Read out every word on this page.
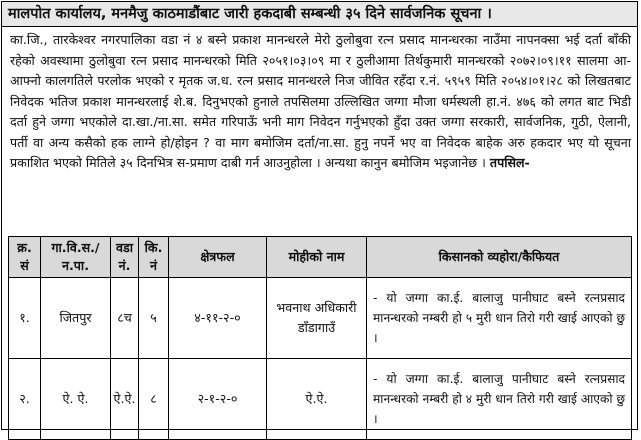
मालपोत कार्यालय, मनमैजु काठमाडौंबाट जारी हकदाबी सम्बन्धी ३५ दिने सार्वजनिक सूचना ।
का.जि., तारकेश्वर नगरपालिका वडा नं ४ बस्ने प्रकाश मानन्धरले मेरो ठुलोबुवा रत्न प्रसाद मानन्धरका नाउँमा नापनक्सा भई दर्ता बाँकी रहेको अवस्थामा ठुलोबुवा रत्न प्रसाद मानन्धरको मिति २०५१।०३।०९ मा र ठुलीआमा तिर्थकुमारी मानन्धरको २०७२।०९।११ सालमा आ-आफ्नो कालगतिले परलोक भएको र मृतक ज.ध. रत्न प्रसाद मानन्धरले निज जीवित रहँदा र.नं. ५९५९ मिति २०५४।०१।२८ को लिखतबाट निवेदक भतिज प्रकाश मानन्धरलाई शे.ब. दिनुभएको हुनाले तपसिलमा उल्लिखित जग्गा मौजा धर्मस्थली हा.नं. ४७६ को लगत बाट भिडी दर्ता हुने जग्गा भएकोले दा.खा./ना.सा. समेत गरिपाऊँ भनी माग निवेदन गर्नुभएको हुँदा उक्त जग्गा सरकारी, सार्वजनिक, गुठी, ऐलानी, पर्ती वा अन्य कसैको हक लाग्ने हो/होइन ? वा माग बमोजिम दर्ता/ना.सा. हुनु नपर्ने भए वा निवेदक बाहेक अरु हकदार भए यो सूचना प्रकाशित भएको मितिले ३५ दिनभित्र स-प्रमाण दाबी गर्न आउनुहोला । अन्यथा कानुन बमोजिम भइजानेछ । तपसिल-
क्र. सं	गा.वि.स./ न.पा.	वडा नं.	कि. नं	क्षेत्रफल	मोहीको नाम	किसानको व्यहोरा/कैफियत
१.	जितपुर	८च	५	४-११-२-०	भवनाथ अधिकारी डाँडागाउँ	- यो जग्गा का.ई. बालाजु पानीघाट बस्ने रत्नप्रसाद मानन्धरको नम्बरी हो ५ मुरी धान तिरो गरी खाई आएको छु ।
२.	ऐ. ऐ.	ऐ.ऐ.	८	२-१-२-०	ऐ.ऐ.	- यो जग्गा का.ई. बालाजु पानीघाट बस्ने रत्नप्रसाद मानन्धरको नम्बरी हो ४ मुरी धान तिरो गरी खाई आएको छु ।
